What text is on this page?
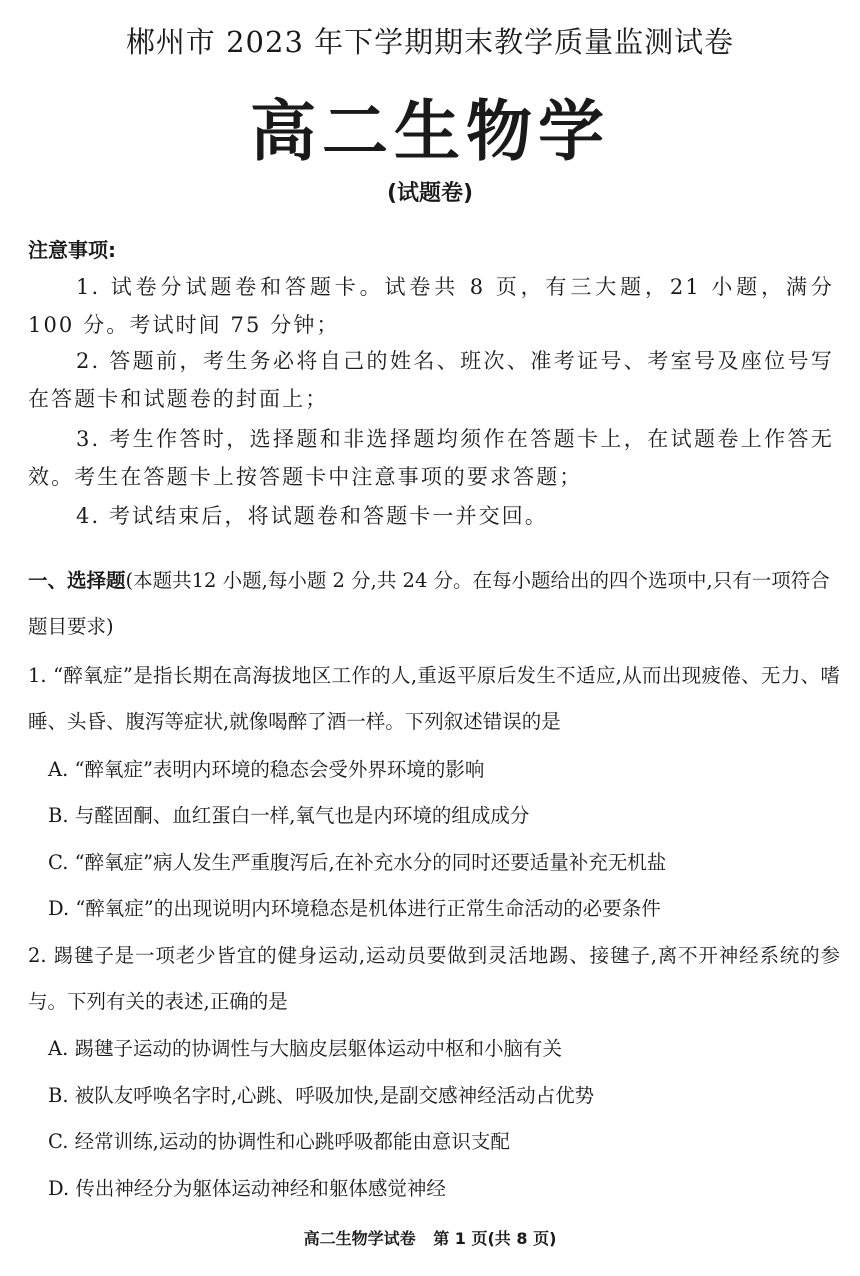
郴州市 2023 年下学期期末教学质量监测试卷
高二生物学
(试题卷)
注意事项:
1. 试卷分试题卷和答题卡。试卷共 8 页，有三大题，21 小题，满分 100 分。考试时间 75 分钟；
2. 答题前，考生务必将自己的姓名、班次、准考证号、考室号及座位号写在答题卡和试题卷的封面上；
3. 考生作答时，选择题和非选择题均须作在答题卡上，在试题卷上作答无效。考生在答题卡上按答题卡中注意事项的要求答题；
4. 考试结束后，将试题卷和答题卡一并交回。
一、选择题(本题共12 小题,每小题 2 分,共 24 分。在每小题给出的四个选项中,只有一项符合题目要求)
1. “醉氧症”是指长期在高海拔地区工作的人,重返平原后发生不适应,从而出现疲倦、无力、嗜睡、头昏、腹泻等症状,就像喝醉了酒一样。下列叙述错误的是
A. “醉氧症”表明内环境的稳态会受外界环境的影响
B. 与醛固酮、血红蛋白一样,氧气也是内环境的组成成分
C. “醉氧症”病人发生严重腹泻后,在补充水分的同时还要适量补充无机盐
D. “醉氧症”的出现说明内环境稳态是机体进行正常生命活动的必要条件
2. 踢毽子是一项老少皆宜的健身运动,运动员要做到灵活地踢、接毽子,离不开神经系统的参与。下列有关的表述,正确的是
A. 踢毽子运动的协调性与大脑皮层躯体运动中枢和小脑有关
B. 被队友呼唤名字时,心跳、呼吸加快,是副交感神经活动占优势
C. 经常训练,运动的协调性和心跳呼吸都能由意识支配
D. 传出神经分为躯体运动神经和躯体感觉神经
高二生物学试卷 第 1 页(共 8 页)
